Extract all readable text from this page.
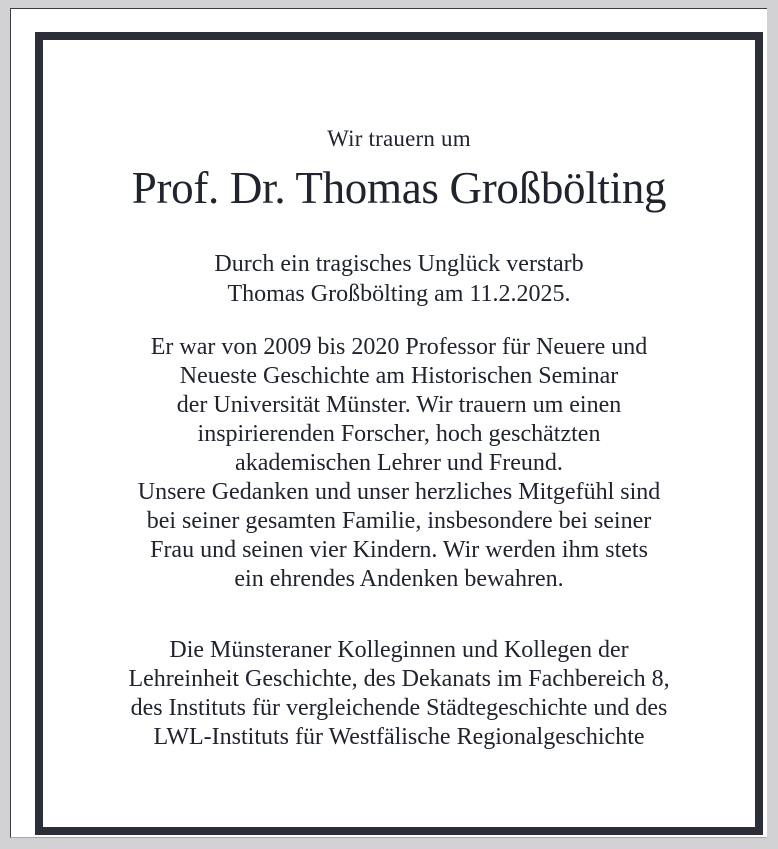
Wir trauern um
Prof. Dr. Thomas Großbölting
Durch ein tragisches Unglück verstarb
Thomas Großbölting am 11.2.2025.
Er war von 2009 bis 2020 Professor für Neuere und
Neueste Geschichte am Historischen Seminar
der Universität Münster. Wir trauern um einen
inspirierenden Forscher, hoch geschätzten
akademischen Lehrer und Freund.
Unsere Gedanken und unser herzliches Mitgefühl sind
bei seiner gesamten Familie, insbesondere bei seiner
Frau und seinen vier Kindern. Wir werden ihm stets
ein ehrendes Andenken bewahren.
Die Münsteraner Kolleginnen und Kollegen der
Lehreinheit Geschichte, des Dekanats im Fachbereich 8,
des Instituts für vergleichende Städtegeschichte und des
LWL-Instituts für Westfälische Regionalgeschichte
